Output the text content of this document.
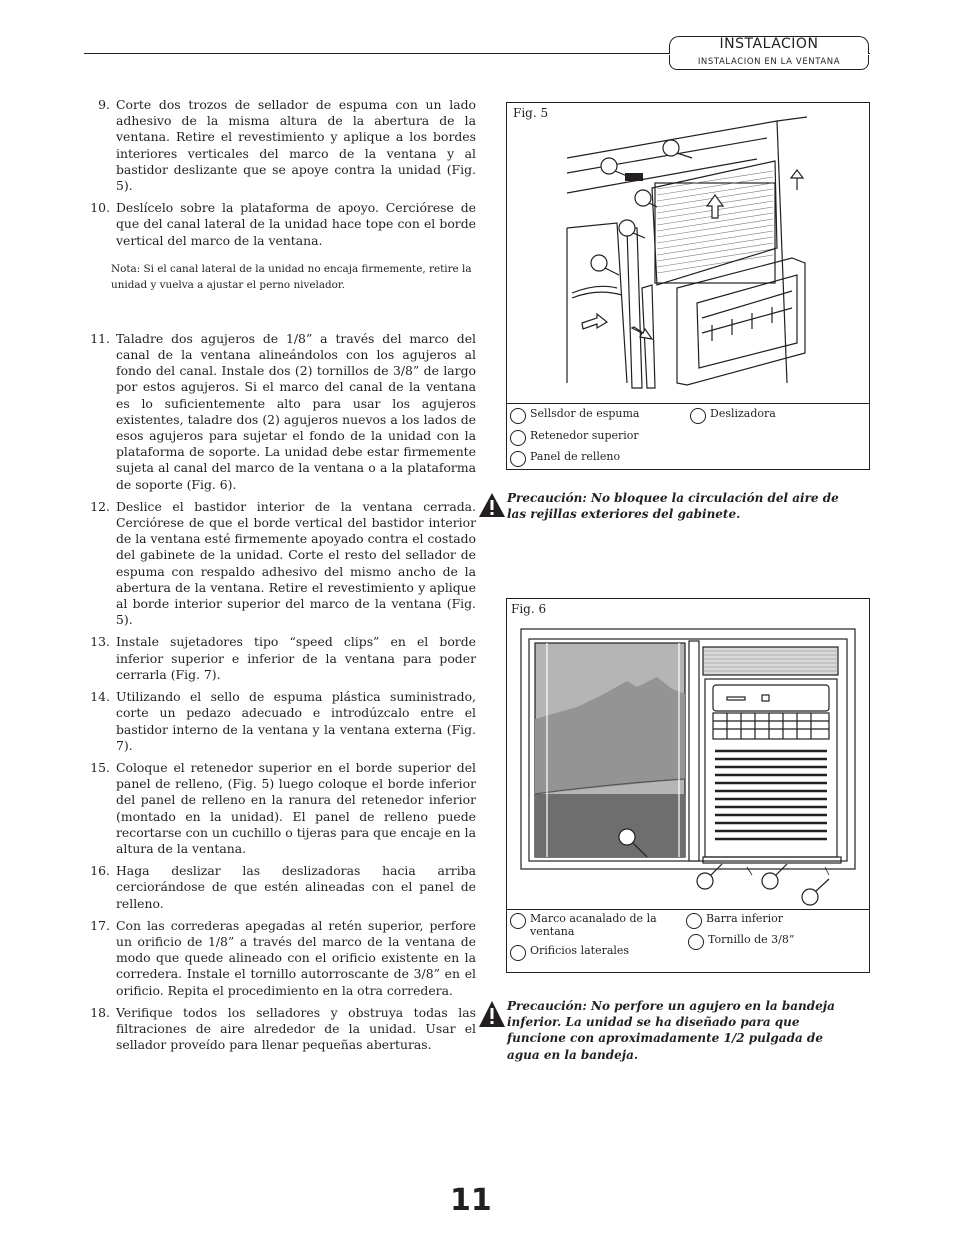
INSTALACION
INSTALACION EN LA VENTANA
9. Corte dos trozos de sellador de espuma con un lado adhesivo de la misma altura de la abertura de la ventana. Retire el revestimiento y aplique a los bordes interiores verticales del marco de la ventana y al bastidor deslizante que se apoye contra la unidad (Fig. 5).
10. Deslícelo sobre la plataforma de apoyo. Cerciórese de que del canal lateral de la unidad hace tope con el borde vertical del marco de la ventana.
11. Taladre dos agujeros de 1/8” a través del marco del canal de la ventana alineándolos con los agujeros al fondo del canal. Instale dos (2) tornillos de 3/8” de largo por estos agujeros. Si el marco del canal de la ventana es lo suficientemente alto para usar los agujeros existentes, taladre dos (2) agujeros nuevos a los lados de esos agujeros para sujetar el fondo de la unidad con la plataforma de soporte. La unidad debe estar firmemente sujeta al canal del marco de la ventana o a la plataforma de soporte (Fig. 6).
12. Deslice el bastidor interior de la ventana cerrada. Cerciórese de que el borde vertical del bastidor interior de la ventana esté firmemente apoyado contra el costado del gabinete de la unidad. Corte el resto del sellador de espuma con respaldo adhesivo del mismo ancho de la abertura de la ventana. Retire el revestimiento y aplique al borde interior superior del marco de la ventana (Fig. 5).
13. Instale sujetadores tipo “speed clips” en el borde inferior superior e inferior de la ventana para poder cerrarla (Fig. 7).
14. Utilizando el sello de espuma plástica suministrado, corte un pedazo adecuado e introdúzcalo entre el bastidor interno de la ventana y la ventana externa (Fig. 7).
15. Coloque el retenedor superior en el borde superior del panel de relleno, (Fig. 5) luego coloque el borde inferior del panel de relleno en la ranura del retenedor inferior (montado en la unidad). El panel de relleno puede recortarse con un cuchillo o tijeras para que encaje en la altura de la ventana.
16. Haga deslizar las deslizadoras hacia arriba cerciorándose de que estén alineadas con el panel de relleno.
17. Con las correderas apegadas al retén superior, perfore un orificio de 1/8” a través del marco de la ventana de modo que quede alineado con el orificio existente en la corredera. Instale el tornillo autorroscante de 3/8” en el orificio. Repita el procedimiento en la otra corredera.
18. Verifique todos los selladores y obstruya todas las filtraciones de aire alrededor de la unidad. Usar el sellador proveído para llenar pequeñas aberturas.
Nota: Si el canal lateral de la unidad no encaja firmemente, retire la unidad y vuelva a ajustar el perno nivelador.
Fig. 5
Sellsdor de espuma
Retenedor superior
Panel de relleno
Deslizadora
Precaución: No bloquee la circulación del aire de las rejillas exteriores del gabinete.
Fig. 6
Marco acanalado de la ventana
Orificios laterales
Barra inferior
Tornillo de 3/8”
Precaución: No perfore un agujero en la bandeja inferior. La unidad se ha diseñado para que funcione con aproximadamente 1/2 pulgada de agua en la bandeja.
11
